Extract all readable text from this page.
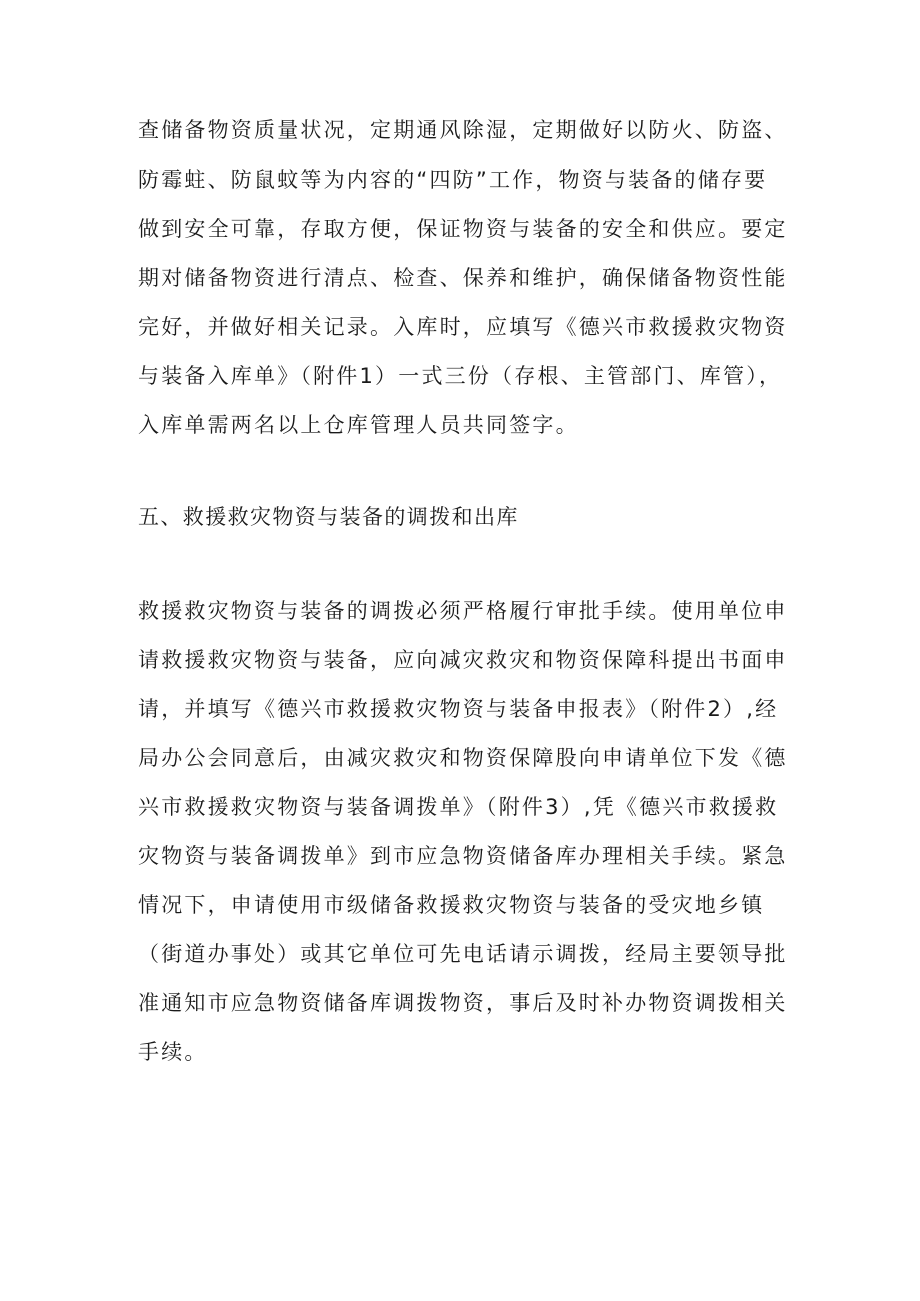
查储备物资质量状况，定期通风除湿，定期做好以防火、防盗、

防霉蛀、防鼠蚊等为内容的“四防”工作，物资与装备的储存要

做到安全可靠，存取方便，保证物资与装备的安全和供应。要定

期对储备物资进行清点、检查、保养和维护，确保储备物资性能

完好，并做好相关记录。入库时，应填写《德兴市救援救灾物资

与装备入库单》（附件1）一式三份（存根、主管部门、库管），

入库单需两名以上仓库管理人员共同签字。

五、救援救灾物资与装备的调拨和出库

救援救灾物资与装备的调拨必须严格履行审批手续。使用单位申

请救援救灾物资与装备，应向减灾救灾和物资保障科提出书面申

请，并填写《德兴市救援救灾物资与装备申报表》（附件2）,经

局办公会同意后，由减灾救灾和物资保障股向申请单位下发《德

兴市救援救灾物资与装备调拨单》（附件3）,凭《德兴市救援救

灾物资与装备调拨单》到市应急物资储备库办理相关手续。紧急

情况下，申请使用市级储备救援救灾物资与装备的受灾地乡镇

（街道办事处）或其它单位可先电话请示调拨，经局主要领导批

准通知市应急物资储备库调拨物资，事后及时补办物资调拨相关

手续。
